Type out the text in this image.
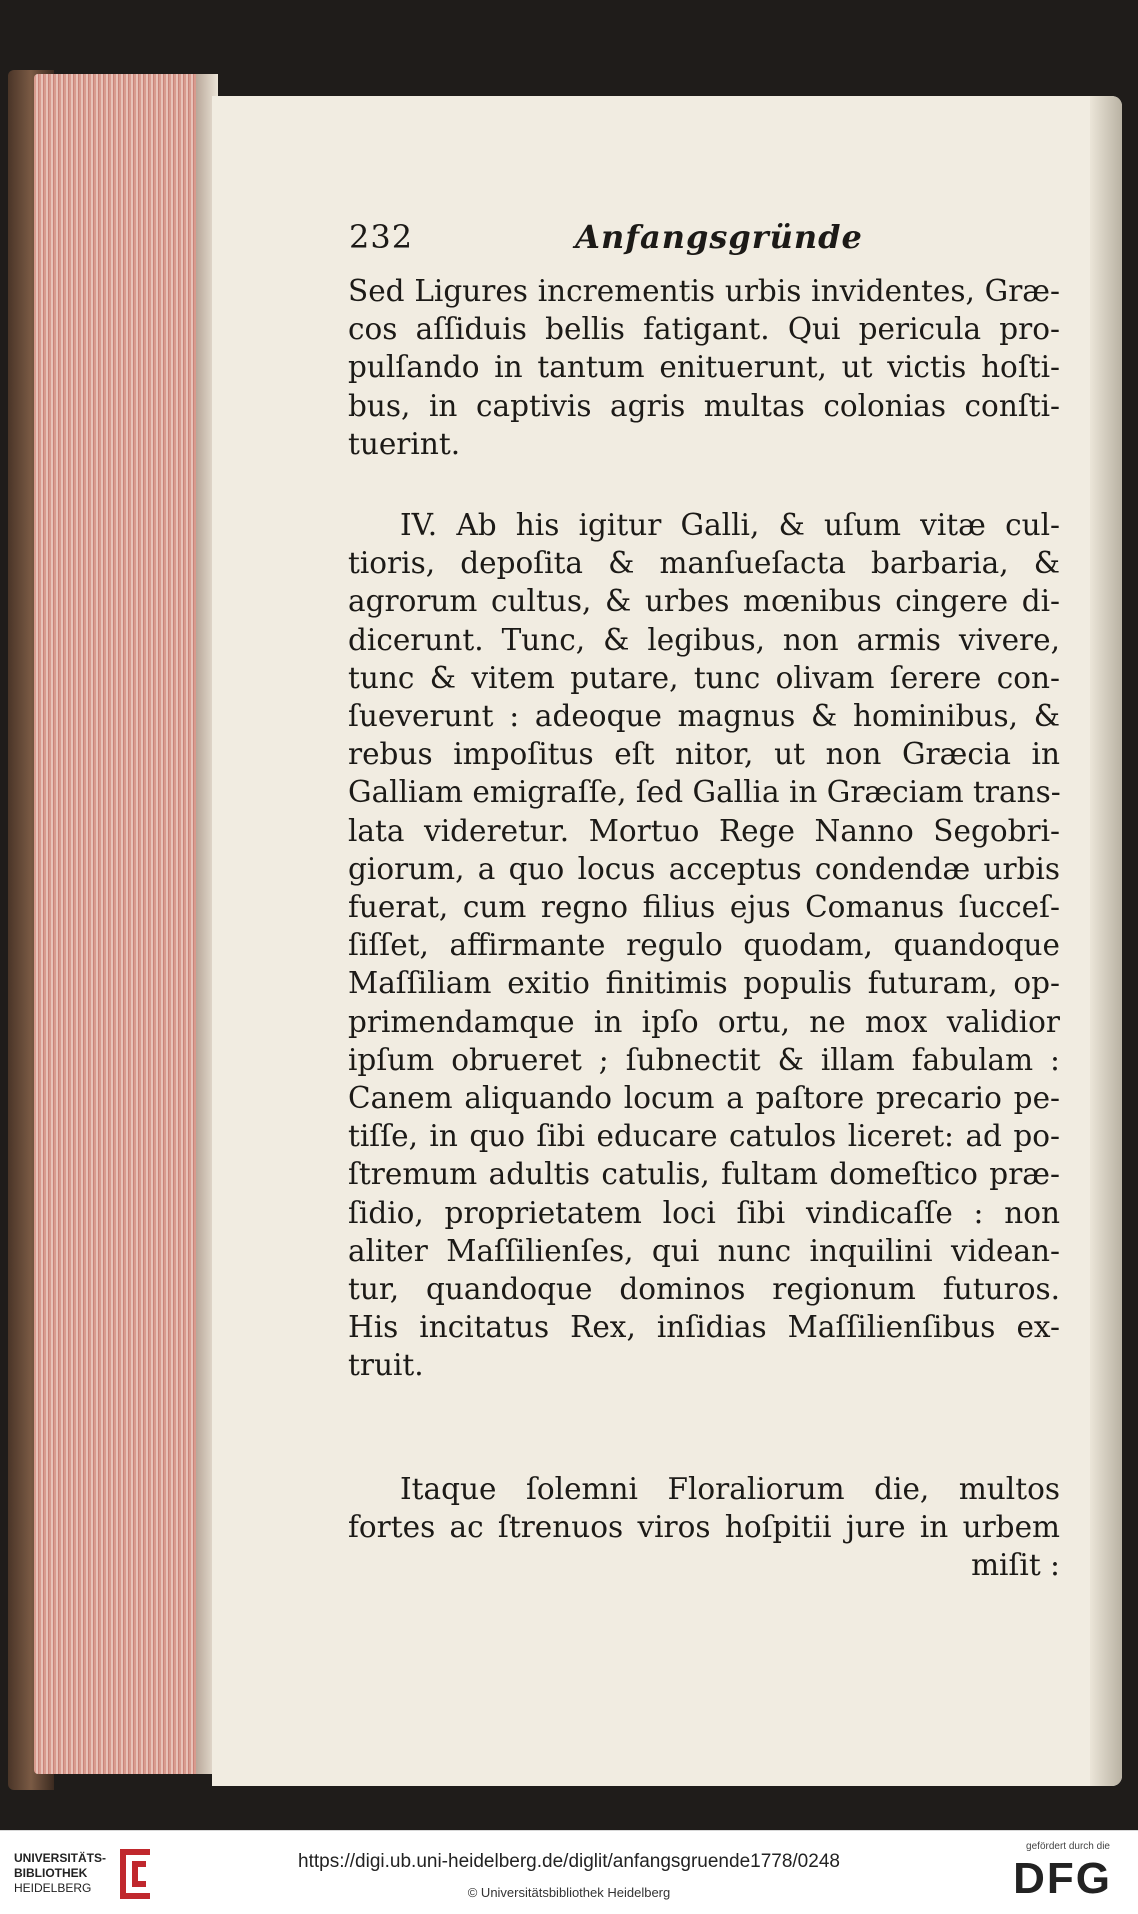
232	Anfangsgründe
Sed Ligures incrementis urbis invidentes, Græ-
cos aſſiduis bellis fatigant. Qui pericula pro-
pulſando in tantum enituerunt, ut victis hoſti-
bus, in captivis agris multas colonias conſti-
tuerint.
IV. Ab his igitur Galli, & uſum vitæ cul-
tioris, depoſita & manſueſacta barbaria, &
agrorum cultus, & urbes mœnibus cingere di-
dicerunt. Tunc, & legibus, non armis vivere,
tunc & vitem putare, tunc olivam ſerere con-
ſueverunt : adeoque magnus & hominibus, &
rebus impoſitus eſt nitor, ut non Græcia in
Galliam emigraſſe, ſed Gallia in Græciam trans-
lata videretur. Mortuo Rege Nanno Segobri-
giorum, a quo locus acceptus condendæ urbis
fuerat, cum regno filius ejus Comanus ſucceſ-
ſiſſet, affirmante regulo quodam, quandoque
Maſſiliam exitio finitimis populis futuram, op-
primendamque in ipſo ortu, ne mox validior
ipſum obrueret ; ſubnectit & illam fabulam :
Canem aliquando locum a paſtore precario pe-
tiſſe, in quo ſibi educare catulos liceret: ad po-
ſtremum adultis catulis, fultam domeſtico præ-
ſidio, proprietatem loci ſibi vindicaſſe : non
aliter Maſſilienſes, qui nunc inquilini videan-
tur, quandoque dominos regionum futuros.
His incitatus Rex, inſidias Maſſilienſibus ex-
truit.
Itaque ſolemni Floraliorum die, multos
fortes ac ſtrenuos viros hoſpitii jure in urbem
miſit :
UNIVERSITÄTS-
BIBLIOTHEK
HEIDELBERG
https://digi.ub.uni-heidelberg.de/diglit/anfangsgruende1778/0248
© Universitätsbibliothek Heidelberg
gefördert durch die
DFG
